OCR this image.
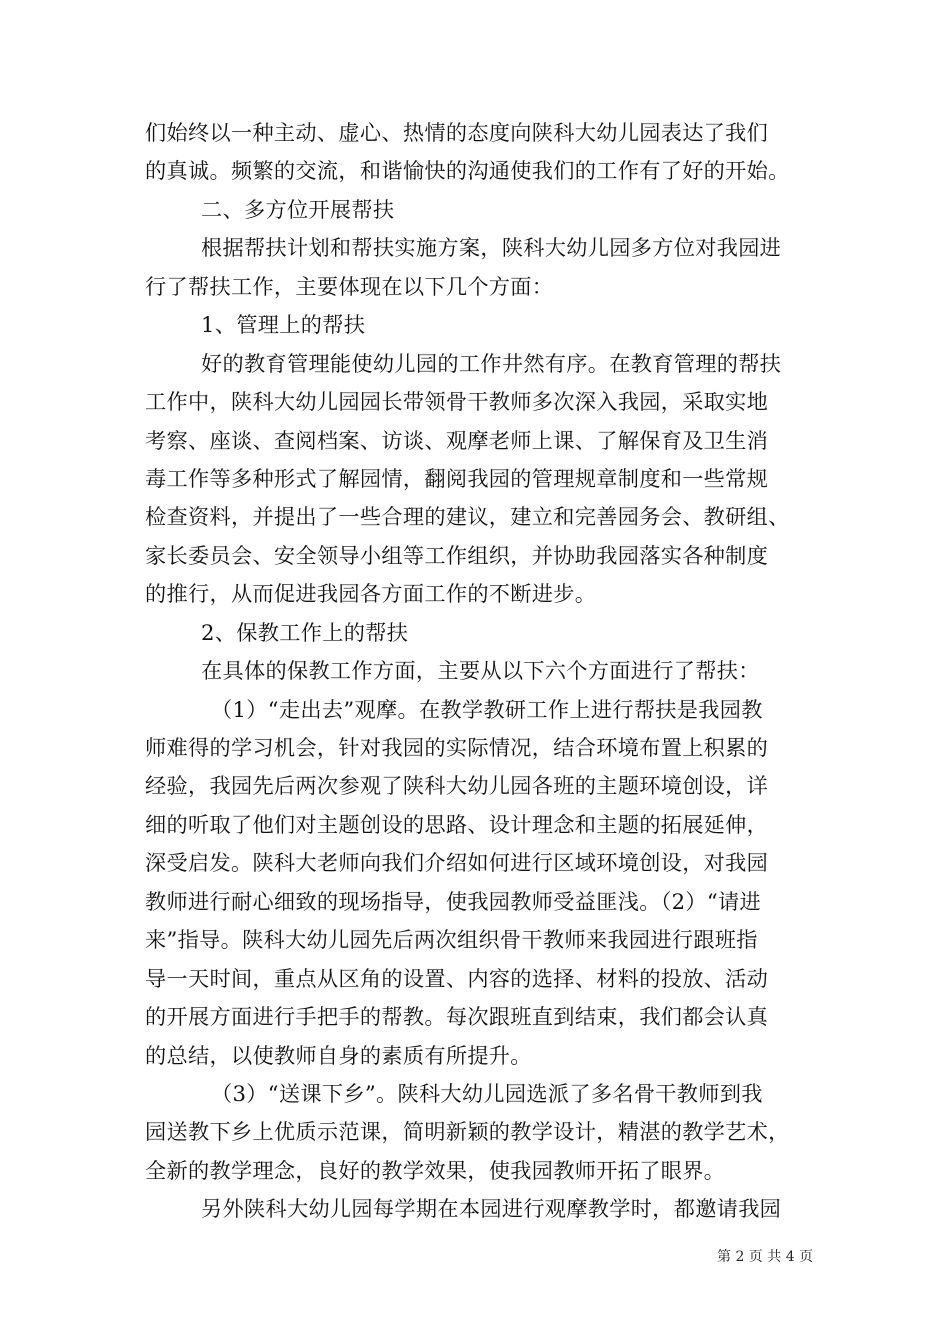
们始终以一种主动、虚心、热情的态度向陕科大幼儿园表达了我们
的真诚。频繁的交流，和谐愉快的沟通使我们的工作有了好的开始。
二、多方位开展帮扶
根据帮扶计划和帮扶实施方案，陕科大幼儿园多方位对我园进
行了帮扶工作，主要体现在以下几个方面：
1、管理上的帮扶
好的教育管理能使幼儿园的工作井然有序。在教育管理的帮扶
工作中，陕科大幼儿园园长带领骨干教师多次深入我园，采取实地
考察、座谈、查阅档案、访谈、观摩老师上课、了解保育及卫生消
毒工作等多种形式了解园情，翻阅我园的管理规章制度和一些常规
检查资料，并提出了一些合理的建议，建立和完善园务会、教研组、
家长委员会、安全领导小组等工作组织，并协助我园落实各种制度
的推行，从而促进我园各方面工作的不断进步。
2、保教工作上的帮扶
在具体的保教工作方面，主要从以下六个方面进行了帮扶：
（1）“走出去”观摩。在教学教研工作上进行帮扶是我园教
师难得的学习机会，针对我园的实际情况，结合环境布置上积累的
经验，我园先后两次参观了陕科大幼儿园各班的主题环境创设，详
细的听取了他们对主题创设的思路、设计理念和主题的拓展延伸，
深受启发。陕科大老师向我们介绍如何进行区域环境创设，对我园
教师进行耐心细致的现场指导，使我园教师受益匪浅。（2）“请进
来”指导。陕科大幼儿园先后两次组织骨干教师来我园进行跟班指
导一天时间，重点从区角的设置、内容的选择、材料的投放、活动
的开展方面进行手把手的帮教。每次跟班直到结束，我们都会认真
的总结，以使教师自身的素质有所提升。
（3）“送课下乡”。陕科大幼儿园选派了多名骨干教师到我
园送教下乡上优质示范课，简明新颖的教学设计，精湛的教学艺术，
全新的教学理念，良好的教学效果，使我园教师开拓了眼界。
另外陕科大幼儿园每学期在本园进行观摩教学时，都邀请我园
第 2 页 共 4 页
